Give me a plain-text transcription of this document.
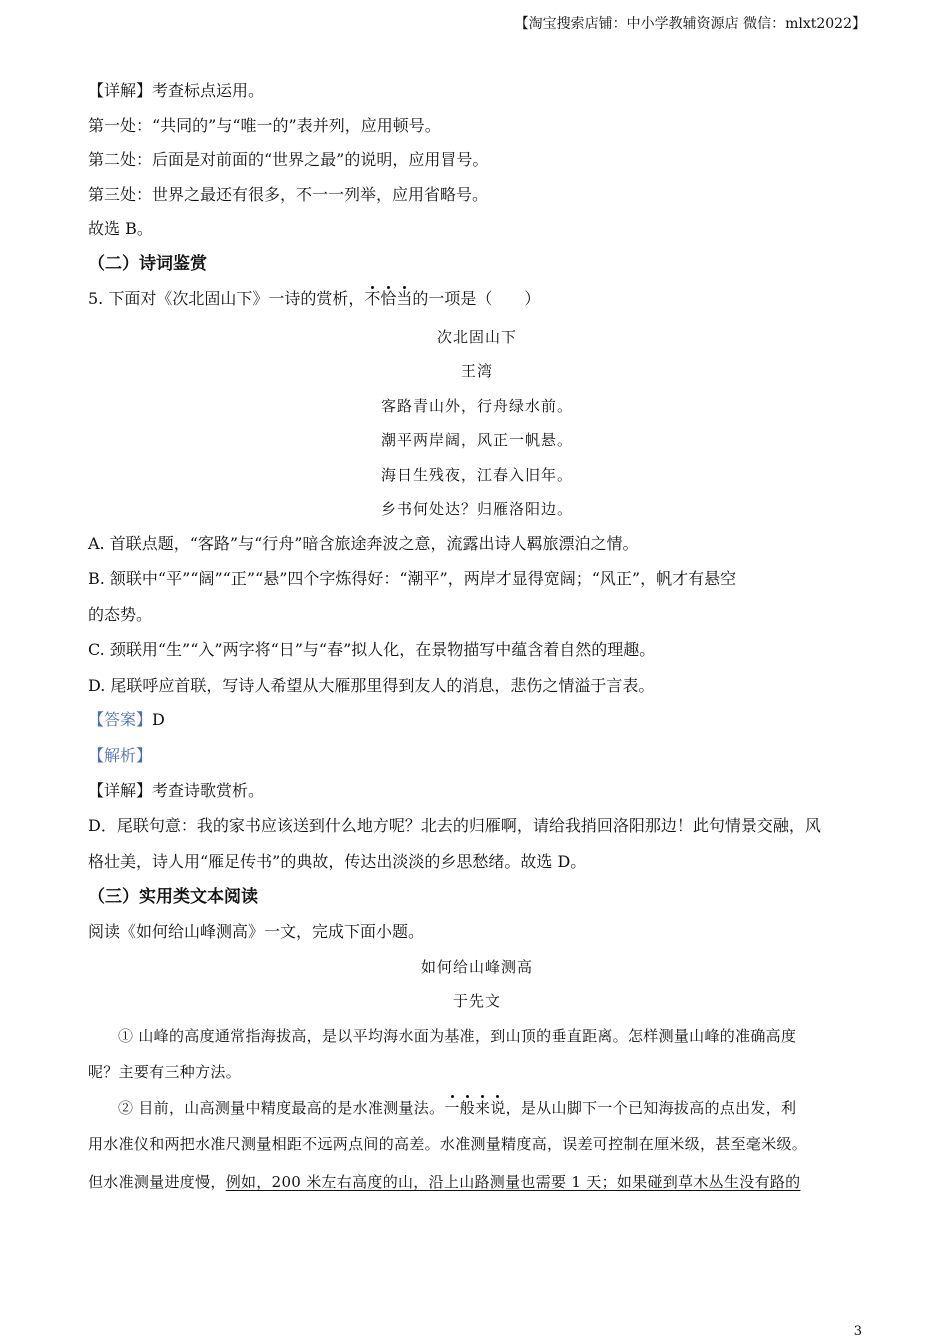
【淘宝搜索店铺：中小学教辅资源店 微信：mlxt2022】
【详解】考查标点运用。
第一处：“共同的”与“唯一的”表并列，应用顿号。
第二处：后面是对前面的“世界之最”的说明，应用冒号。
第三处：世界之最还有很多，不一一列举，应用省略号。
故选 B。
（二）诗词鉴赏
5. 下面对《次北固山下》一诗的赏析，不恰当的一项是（　　）
次北固山下
王湾
客路青山外，行舟绿水前。
潮平两岸阔，风正一帆悬。
海日生残夜，江春入旧年。
乡书何处达？归雁洛阳边。
A. 首联点题，“客路”与“行舟”暗含旅途奔波之意，流露出诗人羁旅漂泊之情。
B. 颔联中“平”“阔”“正”“悬”四个字炼得好：“潮平”，两岸才显得宽阔；“风正”，帆才有悬空
的态势。
C. 颈联用“生”“入”两字将“日”与“春”拟人化，在景物描写中蕴含着自然的理趣。
D. 尾联呼应首联，写诗人希望从大雁那里得到友人的消息，悲伤之情溢于言表。
【答案】D
【解析】
【详解】考查诗歌赏析。
D．尾联句意：我的家书应该送到什么地方呢？北去的归雁啊，请给我捎回洛阳那边！此句情景交融，风
格壮美，诗人用“雁足传书”的典故，传达出淡淡的乡思愁绪。故选 D。
（三）实用类文本阅读
阅读《如何给山峰测高》一文，完成下面小题。
如何给山峰测高
于先文
① 山峰的高度通常指海拔高，是以平均海水面为基准，到山顶的垂直距离。怎样测量山峰的准确高度
呢？主要有三种方法。
② 目前，山高测量中精度最高的是水准测量法。一般来说，是从山脚下一个已知海拔高的点出发，利
用水准仪和两把水准尺测量相距不远两点间的高差。水准测量精度高，误差可控制在厘米级，甚至毫米级。
但水准测量进度慢，例如，200 米左右高度的山，沿上山路测量也需要 1 天；如果碰到草木丛生没有路的
3
